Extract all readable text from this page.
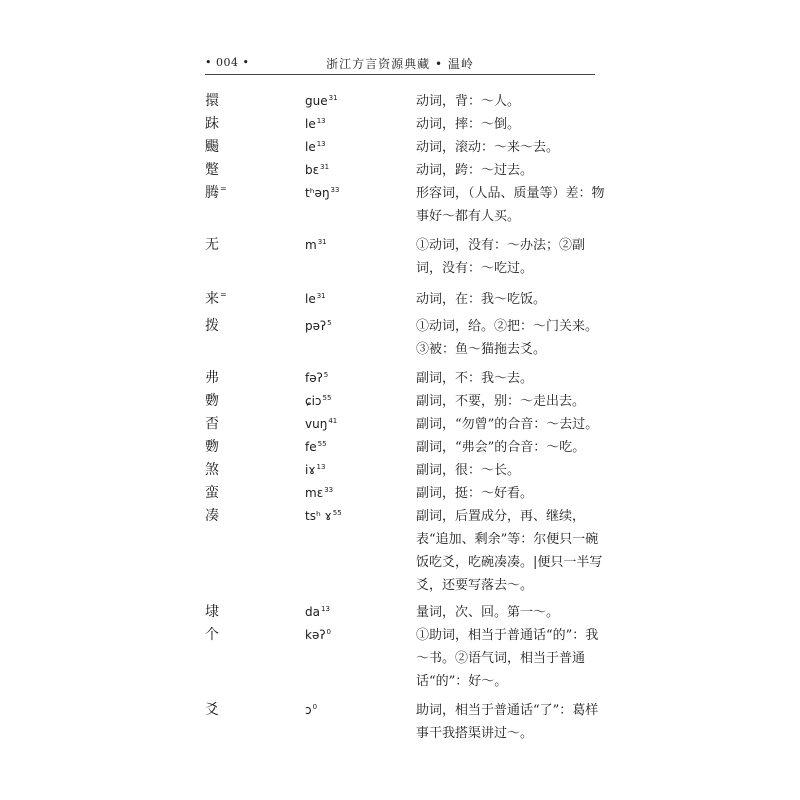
• 004 •	浙江方言资源典藏 • 温岭
擐	gue$^{31}$	动词，背：～人。
跊	$le^{13}$	动词，摔：～倒。
颺	$le^{13}$	动词，滚动：～来～去。
蹩	bɛ$^{31}$	动词，跨：～过去。
腾=	tʰəŋ$^{33}$	形容词，（人品、质量等）差：物事好～都有人买。
无	$m^{31}$	①动词，没有：～办法；②副词，没有：～吃过。
来=	$le^{31}$	动词，在：我～吃饭。
拨	pəʔ$^5$	①动词，给。②把：～门关来。③被：鱼～猫拖去爻。
弗	fəʔ$^5$	副词，不：我～去。
覅	ɕiɔ$^{55}$	副词，不要，别：～走出去。
㫘	vuŋ$^{41}$	副词，“勿曾”的合音：～去过。
覅	$fe^{55}$	副词，“弗会”的合音：～吃。
煞	iɤ$^{13}$	副词，很：～长。
蛮	mɛ$^{33}$	副词，挺：～好看。
凑	tsʰ ɤ$^{55}$	副词，后置成分，再、继续，表“追加、剩余”等：尔便只一碗饭吃爻，吃碗凑凑。|便只一半写爻，还要写落去～。
埭	$da^{13}$	量词，次、回。第一～。
个	kəʔ$^0$	①助词，相当于普通话“的”：我～书。②语气词，相当于普通话“的”：好～。
爻	ɔ$^0$	助词，相当于普通话“了”：葛样事干我搭渠讲过～。
